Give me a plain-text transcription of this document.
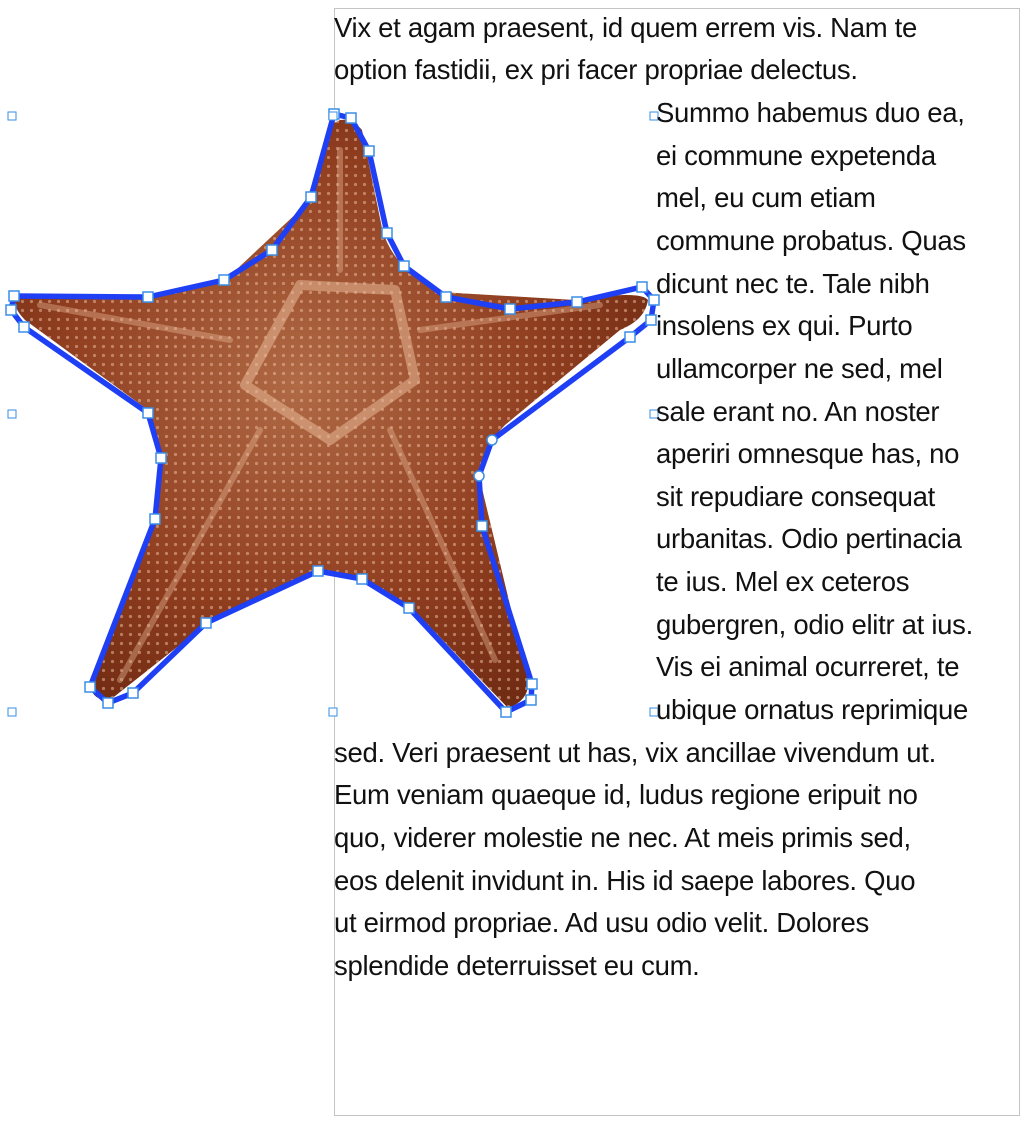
Vix et agam praesent, id quem errem vis. Nam te
option fastidii, ex pri facer propriae delectus.
Summo habemus duo ea,
ei commune expetenda
mel, eu cum etiam
commune probatus. Quas
dicunt nec te. Tale nibh
insolens ex qui. Purto
ullamcorper ne sed, mel
sale erant no. An noster
aperiri omnesque has, no
sit repudiare consequat
urbanitas. Odio pertinacia
te ius. Mel ex ceteros
gubergren, odio elitr at ius.
Vis ei animal ocurreret, te
ubique ornatus reprimique
sed. Veri praesent ut has, vix ancillae vivendum ut.
Eum veniam quaeque id, ludus regione eripuit no
quo, viderer molestie ne nec. At meis primis sed,
eos delenit invidunt in. His id saepe labores. Quo
ut eirmod propriae. Ad usu odio velit. Dolores
splendide deterruisset eu cum.
